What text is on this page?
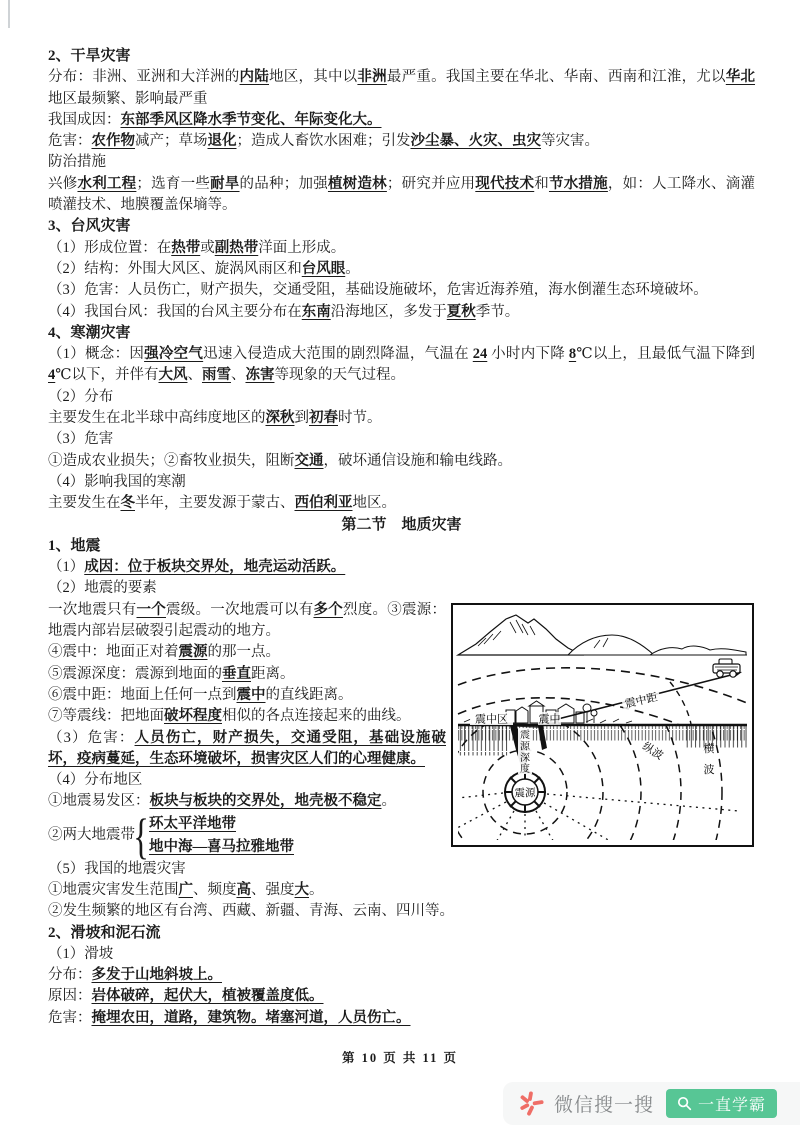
2、干旱灾害
分布：非洲、亚洲和大洋洲的内陆地区，其中以非洲最严重。我国主要在华北、华南、西南和江淮，尤以华北地区最频繁、影响最严重
我国成因：东部季风区降水季节变化、年际变化大。
危害：农作物减产；草场退化；造成人畜饮水困难；引发沙尘暴、火灾、虫灾等灾害。
防治措施
兴修水利工程；选育一些耐旱的品种；加强植树造林；研究并应用现代技术和节水措施，如：人工降水、滴灌喷灌技术、地膜覆盖保墒等。
3、台风灾害
（1）形成位置：在热带或副热带洋面上形成。
（2）结构：外围大风区、旋涡风雨区和台风眼。
（3）危害：人员伤亡，财产损失，交通受阻，基础设施破坏，危害近海养殖，海水倒灌生态环境破坏。
（4）我国台风：我国的台风主要分布在东南沿海地区，多发于夏秋季节。
4、寒潮灾害
（1）概念：因强冷空气迅速入侵造成大范围的剧烈降温，气温在 24 小时内下降 8℃以上，且最低气温下降到 4℃以下，并伴有大风、雨雪、冻害等现象的天气过程。
（2）分布
主要发生在北半球中高纬度地区的深秋到初春时节。
（3）危害
①造成农业损失；②畜牧业损失，阻断交通，破坏通信设施和输电线路。
（4）影响我国的寒潮
主要发生在冬半年，主要发源于蒙古、西伯利亚地区。
第二节　地质灾害
1、地震
（1）成因：位于板块交界处，地壳运动活跃。
（2）地震的要素
震源
震源深度
震中区	震中
震中距
纵波	横波
一次地震只有一个震级。一次地震可以有多个烈度。③震源：地震内部岩层破裂引起震动的地方。
④震中：地面正对着震源的那一点。
⑤震源深度：震源到地面的垂直距离。
⑥震中距：地面上任何一点到震中的直线距离。
⑦等震线：把地面破坏程度相似的各点连接起来的曲线。
（3）危害：人员伤亡，财产损失，交通受阻，基础设施破坏，疫病蔓延，生态环境破坏，损害灾区人们的心理健康。
（4）分布地区
①地震易发区：板块与板块的交界处，地壳极不稳定。
②两大地震带
{ 环太平洋地带
地中海—喜马拉雅地带
（5）我国的地震灾害
①地震灾害发生范围广、频度高、强度大。
②发生频繁的地区有台湾、西藏、新疆、青海、云南、四川等。
2、滑坡和泥石流
（1）滑坡
分布：多发于山地斜坡上。
原因：岩体破碎，起伏大，植被覆盖度低。
危害：掩埋农田，道路，建筑物。堵塞河道，人员伤亡。
第 10 页 共 11 页
微信搜一搜	一直学霸
